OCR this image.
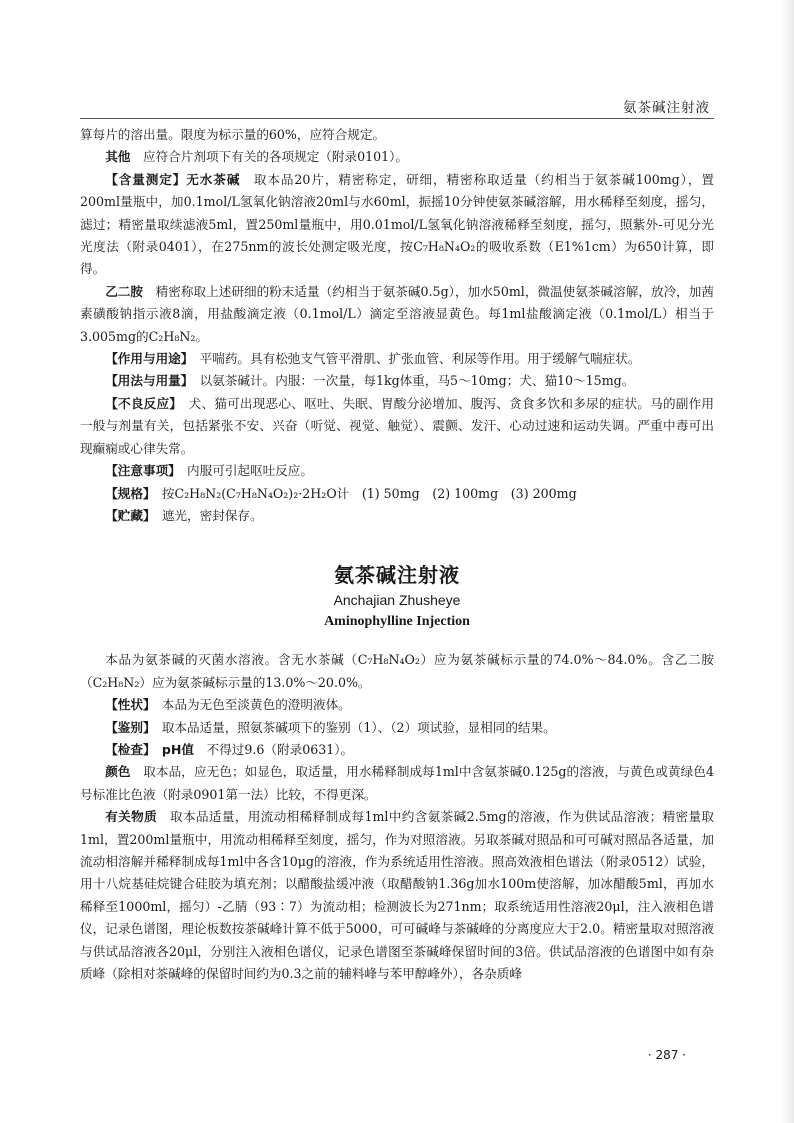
氨茶碱注射液

算每片的溶出量。限度为标示量的60%，应符合规定。

其他　 应符合片剂项下有关的各项规定（附录0101）。

【含量测定】无水茶碱　 取本品20片，精密称定，研细，精密称取适量（约相当于氨茶碱100mg），置200ml量瓶中，加0.1mol/L氢氧化钠溶液20ml与水60ml，振摇10分钟使氨茶碱溶解，用水稀释至刻度，摇匀，滤过；精密量取续滤液5ml，置250ml量瓶中，用0.01mol/L氢氧化钠溶液稀释至刻度，摇匀，照紫外-可见分光光度法（附录0401），在275nm的波长处测定吸光度，按C₇H₈N₄O₂的吸收系数（E1%1cm）为650计算，即得。

乙二胺　 精密称取上述研细的粉末适量（约相当于氨茶碱0.5g），加水50ml，微温使氨茶碱溶解，放冷，加茜素磺酸钠指示液8滴，用盐酸滴定液（0.1mol/L）滴定至溶液显黄色。每1ml盐酸滴定液（0.1mol/L）相当于3.005mg的C₂H₈N₂。

【作用与用途】　 平喘药。具有松弛支气管平滑肌、扩张血管、利尿等作用。用于缓解气喘症状。

【用法与用量】　 以氨茶碱计。内服：一次量，每1kg体重，马5～10mg；犬、猫10～15mg。

【不良反应】　 犬、猫可出现恶心、呕吐、失眠、胃酸分泌增加、腹泻、贪食多饮和多尿的症状。马的副作用一般与剂量有关，包括紧张不安、兴奋（听觉、视觉、触觉）、震颤、发汗、心动过速和运动失调。严重中毒可出现癫痫或心律失常。

【注意事项】　 内服可引起呕吐反应。

【规格】　 按C₂H₈N₂(C₇H₈N₄O₂)₂·2H₂O计　(1) 50mg　(2) 100mg　(3) 200mg

【贮藏】　 遮光，密封保存。

氨茶碱注射液
Anchajian Zhusheye
Aminophylline Injection

本品为氨茶碱的灭菌水溶液。含无水茶碱（C₇H₈N₄O₂）应为氨茶碱标示量的74.0%～84.0%。含乙二胺（C₂H₈N₂）应为氨茶碱标示量的13.0%～20.0%。

【性状】　 本品为无色至淡黄色的澄明液体。

【鉴别】　 取本品适量，照氨茶碱项下的鉴别（1）、（2）项试验，显相同的结果。

【检查】　 pH值　 不得过9.6（附录0631）。

颜色　 取本品，应无色；如显色，取适量，用水稀释制成每1ml中含氨茶碱0.125g的溶液，与黄色或黄绿色4号标准比色液（附录0901第一法）比较，不得更深。

有关物质　 取本品适量，用流动相稀释制成每1ml中约含氨茶碱2.5mg的溶液，作为供试品溶液；精密量取1ml，置200ml量瓶中，用流动相稀释至刻度，摇匀，作为对照溶液。另取茶碱对照品和可可碱对照品各适量，加流动相溶解并稀释制成每1ml中各含10μg的溶液，作为系统适用性溶液。照高效液相色谱法（附录0512）试验，用十八烷基硅烷键合硅胶为填充剂；以醋酸盐缓冲液（取醋酸钠1.36g加水100m使溶解，加冰醋酸5ml，再加水稀释至1000ml，摇匀）-乙腈（93∶7）为流动相；检测波长为271nm；取系统适用性溶液20μl，注入液相色谱仪，记录色谱图，理论板数按茶碱峰计算不低于5000，可可碱峰与茶碱峰的分离度应大于2.0。精密量取对照溶液与供试品溶液各20μl，分别注入液相色谱仪，记录色谱图至茶碱峰保留时间的3倍。供试品溶液的色谱图中如有杂质峰（除相对茶碱峰的保留时间约为0.3之前的辅料峰与苯甲醇峰外），各杂质峰

· 287 ·
